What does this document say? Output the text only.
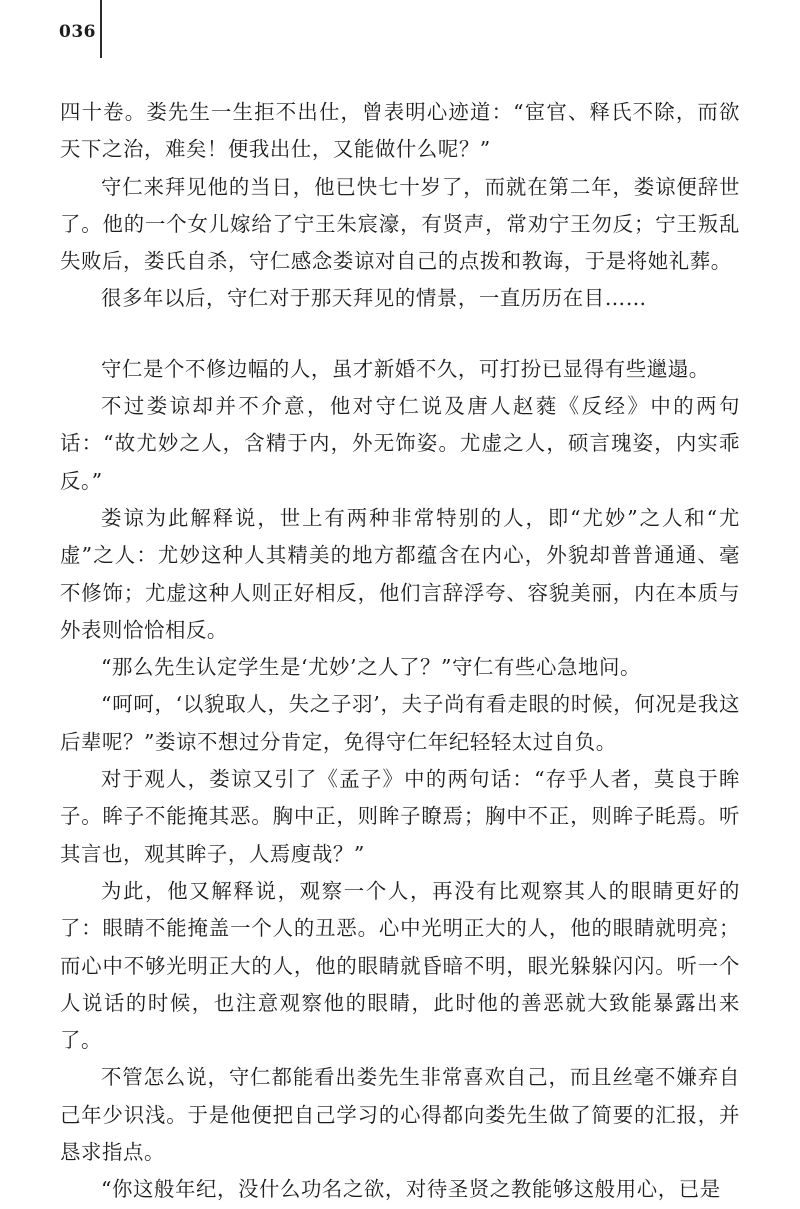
036

四十卷。娄先生一生拒不出仕，曾表明心迹道：“宦官、释氏不除，而欲天下之治，难矣！便我出仕，又能做什么呢？”

守仁来拜见他的当日，他已快七十岁了，而就在第二年，娄谅便辞世了。他的一个女儿嫁给了宁王朱宸濠，有贤声，常劝宁王勿反；宁王叛乱失败后，娄氏自杀，守仁感念娄谅对自己的点拨和教诲，于是将她礼葬。

很多年以后，守仁对于那天拜见的情景，一直历历在目……

守仁是个不修边幅的人，虽才新婚不久，可打扮已显得有些邋遢。

不过娄谅却并不介意，他对守仁说及唐人赵蕤《反经》中的两句话：“故尤妙之人，含精于内，外无饰姿。尤虚之人，硕言瑰姿，内实乖反。”

娄谅为此解释说，世上有两种非常特别的人，即“尤妙”之人和“尤虚”之人：尤妙这种人其精美的地方都蕴含在内心，外貌却普普通通、毫不修饰；尤虚这种人则正好相反，他们言辞浮夸、容貌美丽，内在本质与外表则恰恰相反。

“那么先生认定学生是‘尤妙’之人了？”守仁有些心急地问。

“呵呵，‘以貌取人，失之子羽’，夫子尚有看走眼的时候，何况是我这后辈呢？”娄谅不想过分肯定，免得守仁年纪轻轻太过自负。

对于观人，娄谅又引了《孟子》中的两句话：“存乎人者，莫良于眸子。眸子不能掩其恶。胸中正，则眸子瞭焉；胸中不正，则眸子眊焉。听其言也，观其眸子，人焉廋哉？”

为此，他又解释说，观察一个人，再没有比观察其人的眼睛更好的了：眼睛不能掩盖一个人的丑恶。心中光明正大的人，他的眼睛就明亮；而心中不够光明正大的人，他的眼睛就昏暗不明，眼光躲躲闪闪。听一个人说话的时候，也注意观察他的眼睛，此时他的善恶就大致能暴露出来了。

不管怎么说，守仁都能看出娄先生非常喜欢自己，而且丝毫不嫌弃自己年少识浅。于是他便把自己学习的心得都向娄先生做了简要的汇报，并恳求指点。

“你这般年纪，没什么功名之欲，对待圣贤之教能够这般用心，已是
